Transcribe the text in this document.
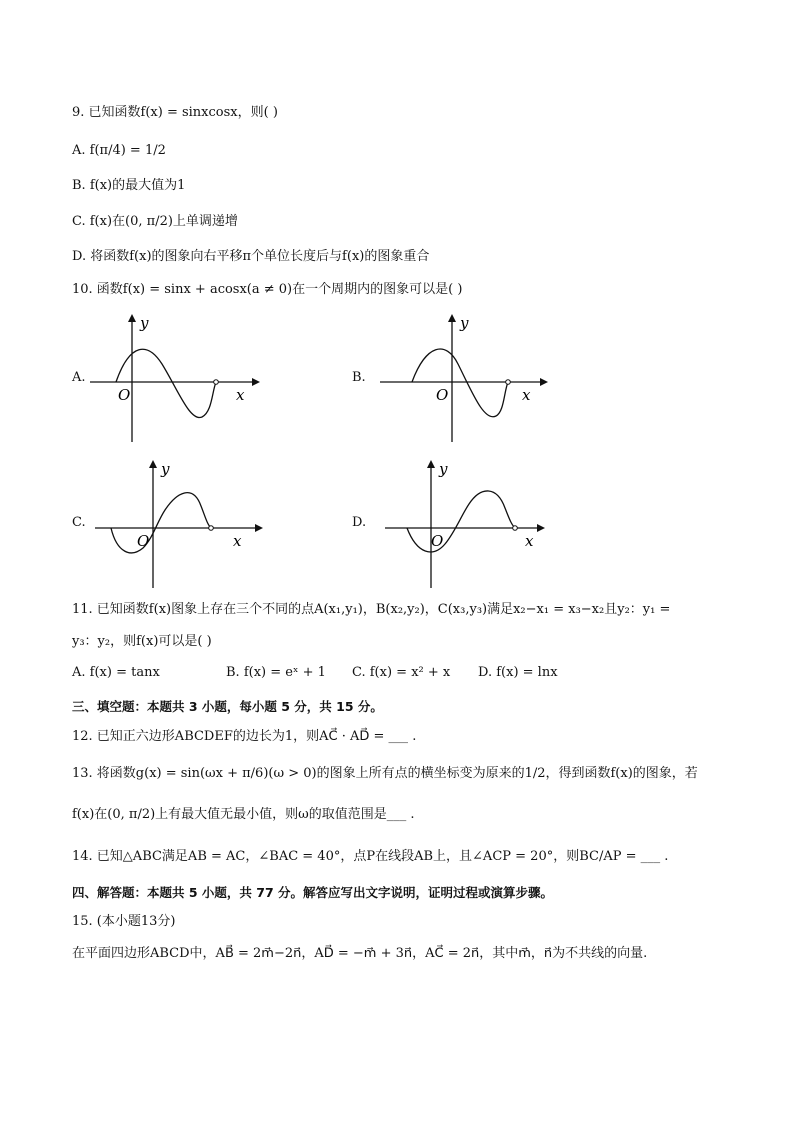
9. 已知函数f(x) = sinxcosx，则( )
A. f(π/4) = 1/2
B. f(x)的最大值为1
C. f(x)在(0, π/2)上单调递增
D. 将函数f(x)的图象向右平移π个单位长度后与f(x)的图象重合
10. 函数f(x) = sinx + acosx(a ≠ 0)在一个周期内的图象可以是( )
A.
y
O	x
B.
y
O	x
C.
y
O	x
D.
y
O	x
11. 已知函数f(x)图象上存在三个不同的点A(x₁,y₁)，B(x₂,y₂)，C(x₃,y₃)满足x₂−x₁ = x₃−x₂且y₂：y₁ =
y₃：y₂，则f(x)可以是( )
A. f(x) = tanx	B. f(x) = eˣ + 1 C. f(x) = x² + x D. f(x) = lnx
三、填空题：本题共 3 小题，每小题 5 分，共 15 分。
12. 已知正六边形ABCDEF的边长为1，则AC⃗ · AD⃗ = ___ .
13. 将函数g(x) = sin(ωx + π/6)(ω > 0)的图象上所有点的横坐标变为原来的1/2，得到函数f(x)的图象，若
f(x)在(0, π/2)上有最大值无最小值，则ω的取值范围是___ .
14. 已知△ABC满足AB = AC，∠BAC = 40°，点P在线段AB上，且∠ACP = 20°，则BC/AP = ___ .
四、解答题：本题共 5 小题，共 77 分。解答应写出文字说明，证明过程或演算步骤。
15. (本小题13分)
在平面四边形ABCD中，AB⃗ = 2m⃗−2n⃗，AD⃗ = −m⃗ + 3n⃗，AC⃗ = 2n⃗，其中m⃗，n⃗为不共线的向量.
